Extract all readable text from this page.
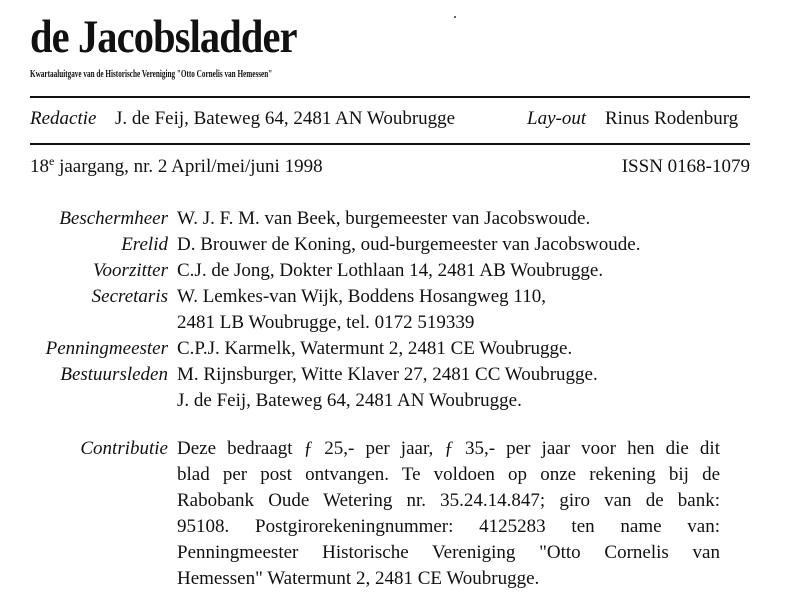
de Jacobsladder
Kwartaaluitgave van de Historische Vereniging "Otto Cornelis van Hemessen"
Redactie J. de Feij, Bateweg 64, 2481 AN Woubrugge	Lay-out Rinus Rodenburg
18e jaargang, nr. 2 April/mei/juni 1998	ISSN 0168-1079
Beschermheer W. J. F. M. van Beek, burgemeester van Jacobswoude.
Erelid D. Brouwer de Koning, oud-burgemeester van Jacobswoude.
Voorzitter C.J. de Jong, Dokter Lothlaan 14, 2481 AB Woubrugge.
Secretaris W. Lemkes-van Wijk, Boddens Hosangweg 110,
2481 LB Woubrugge, tel. 0172 519339
Penningmeester C.P.J. Karmelk, Watermunt 2, 2481 CE Woubrugge.
Bestuursleden M. Rijnsburger, Witte Klaver 27, 2481 CC Woubrugge.
J. de Feij, Bateweg 64, 2481 AN Woubrugge.
Contributie Deze bedraagt ƒ 25,- per jaar, ƒ 35,- per jaar voor hen die dit
blad per post ontvangen. Te voldoen op onze rekening bij de
Rabobank Oude Wetering nr. 35.24.14.847; giro van de bank:
95108. Postgirorekeningnummer: 4125283 ten name van:
Penningmeester Historische Vereniging "Otto Cornelis van
Hemessen" Watermunt 2, 2481 CE Woubrugge.
